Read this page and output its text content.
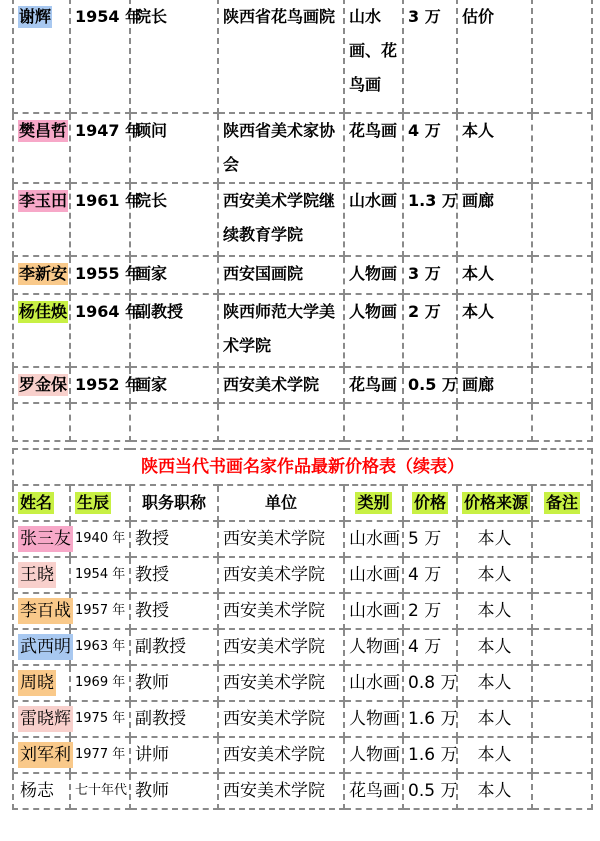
谢辉	1954 年	院长	陕西省花鸟画院	山水画、花鸟画	3 万	估价	
樊昌哲	1947 年	顾问	陕西省美术家协会	花鸟画	4 万	本人	
李玉田	1961 年	院长	西安美术学院继续教育学院	山水画	1.3 万	画廊	
李新安	1955 年	画家	西安国画院	人物画	3 万	本人	
杨佳焕	1964 年	副教授	陕西师范大学美术学院	人物画	2 万	本人	
罗金保	1952 年	画家	西安美术学院	花鸟画	0.5 万	画廊	

陕西当代书画名家作品最新价格表（续表）							
姓名	生辰	职务职称	单位	类别	价格	价格来源	备注
张三友	1940 年	教授	西安美术学院	山水画	5 万	本人	
王晓	1954 年	教授	西安美术学院	山水画	4 万	本人	
李百战	1957 年	教授	西安美术学院	山水画	2 万	本人	
武西明	1963 年	副教授	西安美术学院	人物画	4 万	本人	
周晓	1969 年	教师	西安美术学院	山水画	0.8 万	本人	
雷晓辉	1975 年	副教授	西安美术学院	人物画	1.6 万	本人	
刘军利	1977 年	讲师	西安美术学院	人物画	1.6 万	本人	
杨志	七十年代	教师	西安美术学院	花鸟画	0.5 万	本人	
